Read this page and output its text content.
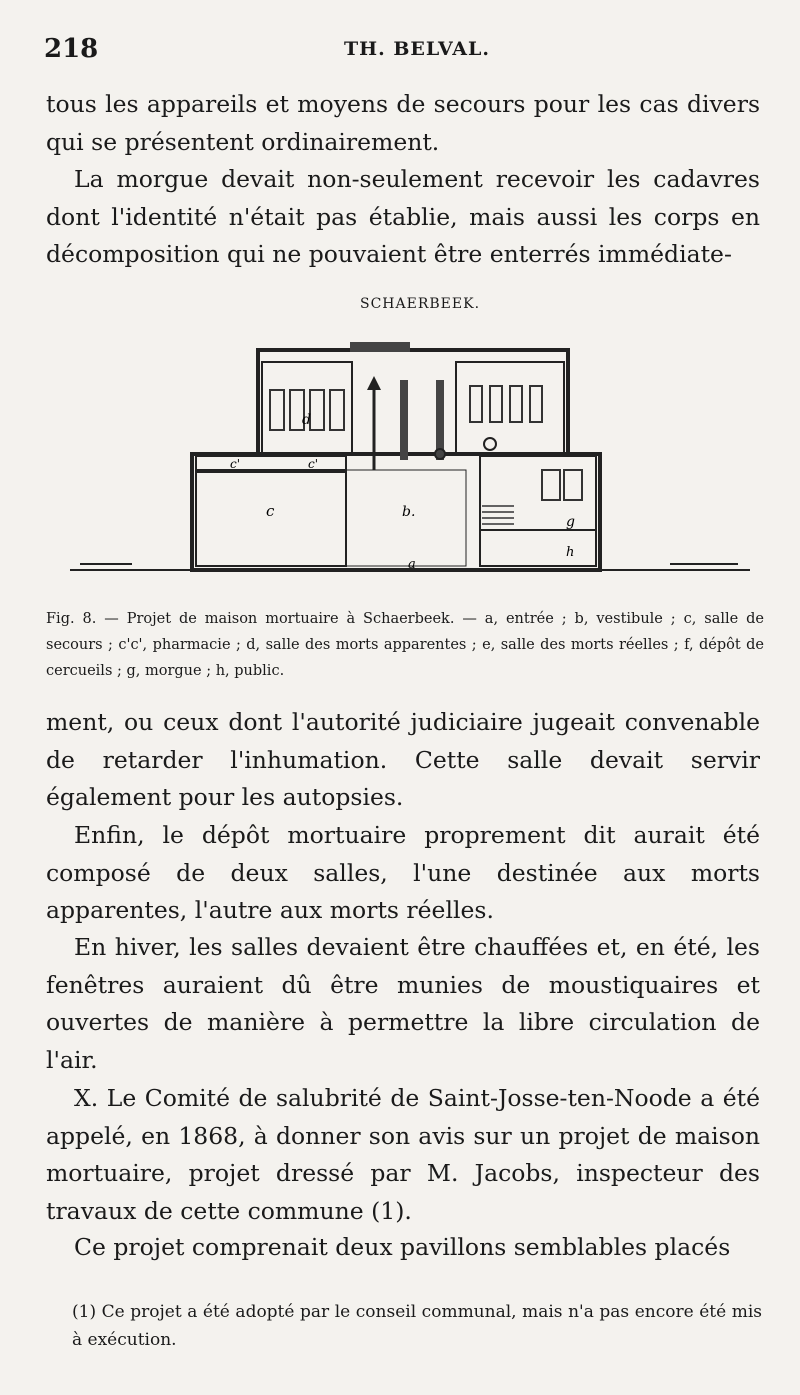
218	TH. BELVAL.
tous les appareils et moyens de secours pour les cas divers qui se présentent ordinairement.
La morgue devait non-seulement recevoir les cadavres dont l'identité n'était pas établie, mais aussi les corps en décomposition qui ne pouvaient être enterrés immédiate-
SCHAERBEEK.
d
c'	c'
c	b.
a
g
h
Fig. 8. — Projet de maison mortuaire à Schaerbeek. — a, entrée ; b, vestibule ; c, salle de secours ; c'c', pharmacie ; d, salle des morts apparentes ; e, salle des morts réelles ; f, dépôt de cercueils ; g, morgue ; h, public.
ment, ou ceux dont l'autorité judiciaire jugeait convenable de retarder l'inhumation. Cette salle devait servir également pour les autopsies.
Enfin, le dépôt mortuaire proprement dit aurait été composé de deux salles, l'une destinée aux morts apparentes, l'autre aux morts réelles.
En hiver, les salles devaient être chauffées et, en été, les fenêtres auraient dû être munies de moustiquaires et ouvertes de manière à permettre la libre circulation de l'air.
X. Le Comité de salubrité de Saint-Josse-ten-Noode a été appelé, en 1868, à donner son avis sur un projet de maison mortuaire, projet dressé par M. Jacobs, inspecteur des travaux de cette commune (1).
Ce projet comprenait deux pavillons semblables placés
(1) Ce projet a été adopté par le conseil communal, mais n'a pas encore été mis à exécution.
